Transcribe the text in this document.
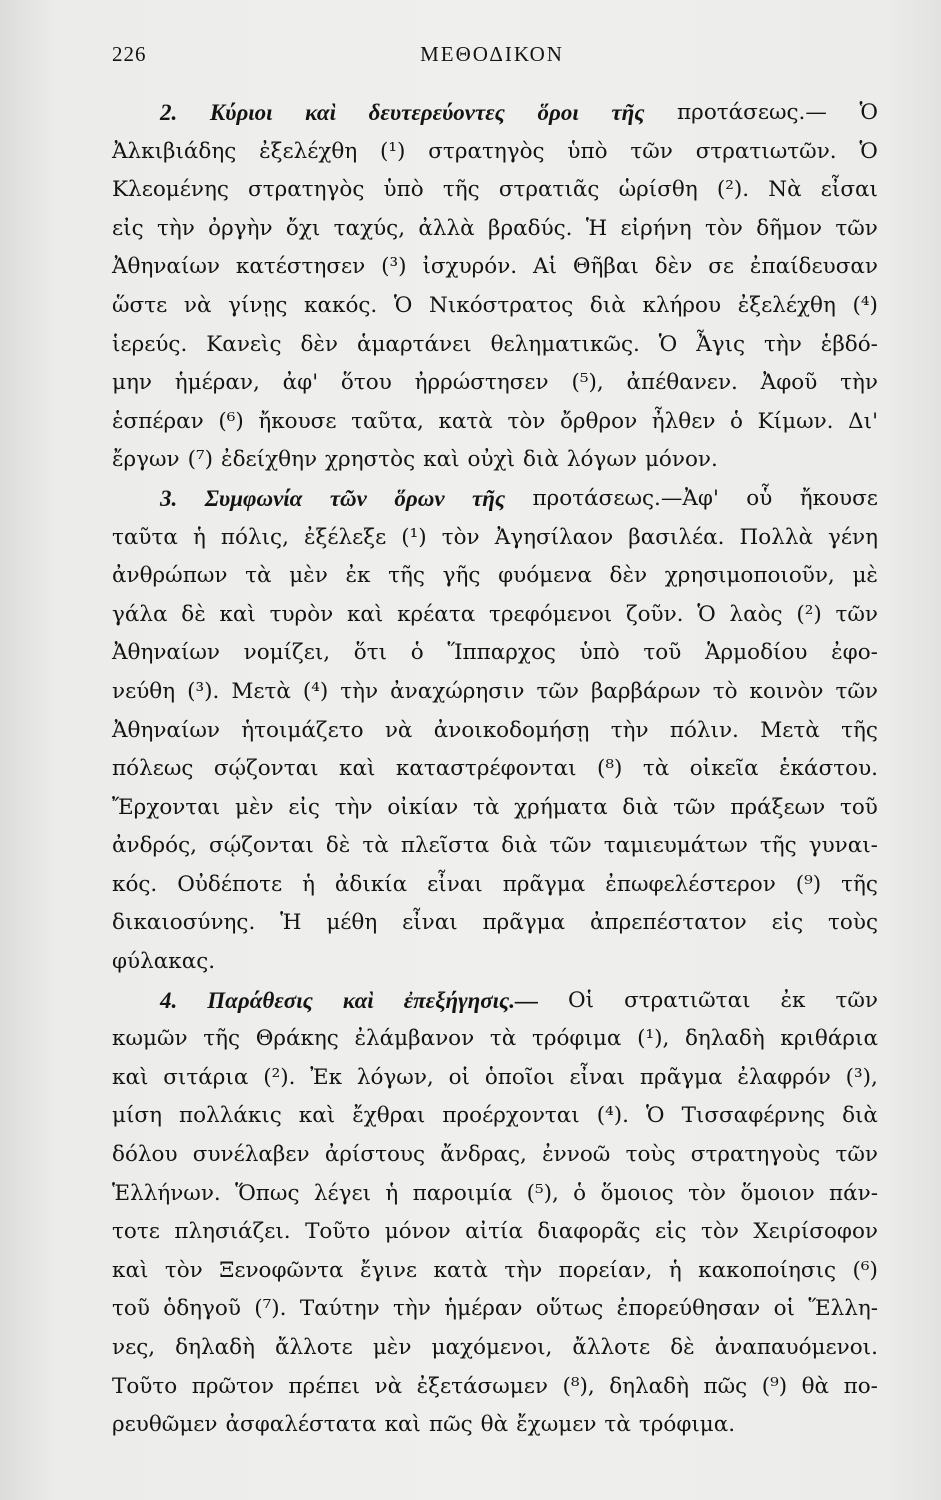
226	ΜΕΘΟΔΙΚΟΝ
2. Κύριοι καὶ δευτερεύοντες ὅροι τῆς προτάσεως.— Ὁ
Ἀλκιβιάδης ἐξελέχθη (¹) στρατηγὸς ὑπὸ τῶν στρατιωτῶν. Ὁ
Κλεομένης στρατηγὸς ὑπὸ τῆς στρατιᾶς ὡρίσθη (²). Νὰ εἶσαι
εἰς τὴν ὀργὴν ὄχι ταχύς, ἀλλὰ βραδύς. Ἡ εἰρήνη τὸν δῆμον τῶν
Ἀθηναίων κατέστησεν (³) ἰσχυρόν. Αἱ Θῆβαι δὲν σε ἐπαίδευσαν
ὥστε νὰ γίνῃς κακός. Ὁ Νικόστρατος διὰ κλήρου ἐξελέχθη (⁴)
ἱερεύς. Κανεὶς δὲν ἁμαρτάνει θεληματικῶς. Ὁ Ἆγις τὴν ἑβδό-
μην ἡμέραν, ἀφ' ὅτου ἠρρώστησεν (⁵), ἀπέθανεν. Ἀφοῦ τὴν
ἑσπέραν (⁶) ἤκουσε ταῦτα, κατὰ τὸν ὄρθρον ἦλθεν ὁ Κίμων. Δι'
ἔργων (⁷) ἐδείχθην χρηστὸς καὶ οὐχὶ διὰ λόγων μόνον.
3. Συμφωνία τῶν ὅρων τῆς προτάσεως.—Ἀφ' οὗ ἤκουσε
ταῦτα ἡ πόλις, ἐξέλεξε (¹) τὸν Ἀγησίλαον βασιλέα. Πολλὰ γένη
ἀνθρώπων τὰ μὲν ἐκ τῆς γῆς φυόμενα δὲν χρησιμοποιοῦν, μὲ
γάλα δὲ καὶ τυρὸν καὶ κρέατα τρεφόμενοι ζοῦν. Ὁ λαὸς (²) τῶν
Ἀθηναίων νομίζει, ὅτι ὁ Ἵππαρχος ὑπὸ τοῦ Ἁρμοδίου ἐφο-
νεύθη (³). Μετὰ (⁴) τὴν ἀναχώρησιν τῶν βαρβάρων τὸ κοινὸν τῶν
Ἀθηναίων ἡτοιμάζετο νὰ ἀνοικοδομήσῃ τὴν πόλιν. Μετὰ τῆς
πόλεως σῴζονται καὶ καταστρέφονται (⁸) τὰ οἰκεῖα ἑκάστου.
Ἔρχονται μὲν εἰς τὴν οἰκίαν τὰ χρήματα διὰ τῶν πράξεων τοῦ
ἀνδρός, σῴζονται δὲ τὰ πλεῖστα διὰ τῶν ταμιευμάτων τῆς γυναι-
κός. Οὐδέποτε ἡ ἀδικία εἶναι πρᾶγμα ἐπωφελέστερον (⁹) τῆς
δικαιοσύνης. Ἡ μέθη εἶναι πρᾶγμα ἀπρεπέστατον εἰς τοὺς
φύλακας.
4. Παράθεσις καὶ ἐπεξήγησις.— Οἱ στρατιῶται ἐκ τῶν
κωμῶν τῆς Θράκης ἐλάμβανον τὰ τρόφιμα (¹), δηλαδὴ κριθάρια
καὶ σιτάρια (²). Ἐκ λόγων, οἱ ὁποῖοι εἶναι πρᾶγμα ἐλαφρόν (³),
μίση πολλάκις καὶ ἔχθραι προέρχονται (⁴). Ὁ Τισσαφέρνης διὰ
δόλου συνέλαβεν ἀρίστους ἄνδρας, ἐννοῶ τοὺς στρατηγοὺς τῶν
Ἑλλήνων. Ὅπως λέγει ἡ παροιμία (⁵), ὁ ὅμοιος τὸν ὅμοιον πάν-
τοτε πλησιάζει. Τοῦτο μόνον αἰτία διαφορᾶς εἰς τὸν Χειρίσοφον
καὶ τὸν Ξενοφῶντα ἔγινε κατὰ τὴν πορείαν, ἡ κακοποίησις (⁶)
τοῦ ὁδηγοῦ (⁷). Ταύτην τὴν ἡμέραν οὕτως ἐπορεύθησαν οἱ Ἕλλη-
νες, δηλαδὴ ἄλλοτε μὲν μαχόμενοι, ἄλλοτε δὲ ἀναπαυόμενοι.
Τοῦτο πρῶτον πρέπει νὰ ἐξετάσωμεν (⁸), δηλαδὴ πῶς (⁹) θὰ πο-
ρευθῶμεν ἀσφαλέστατα καὶ πῶς θὰ ἔχωμεν τὰ τρόφιμα.
